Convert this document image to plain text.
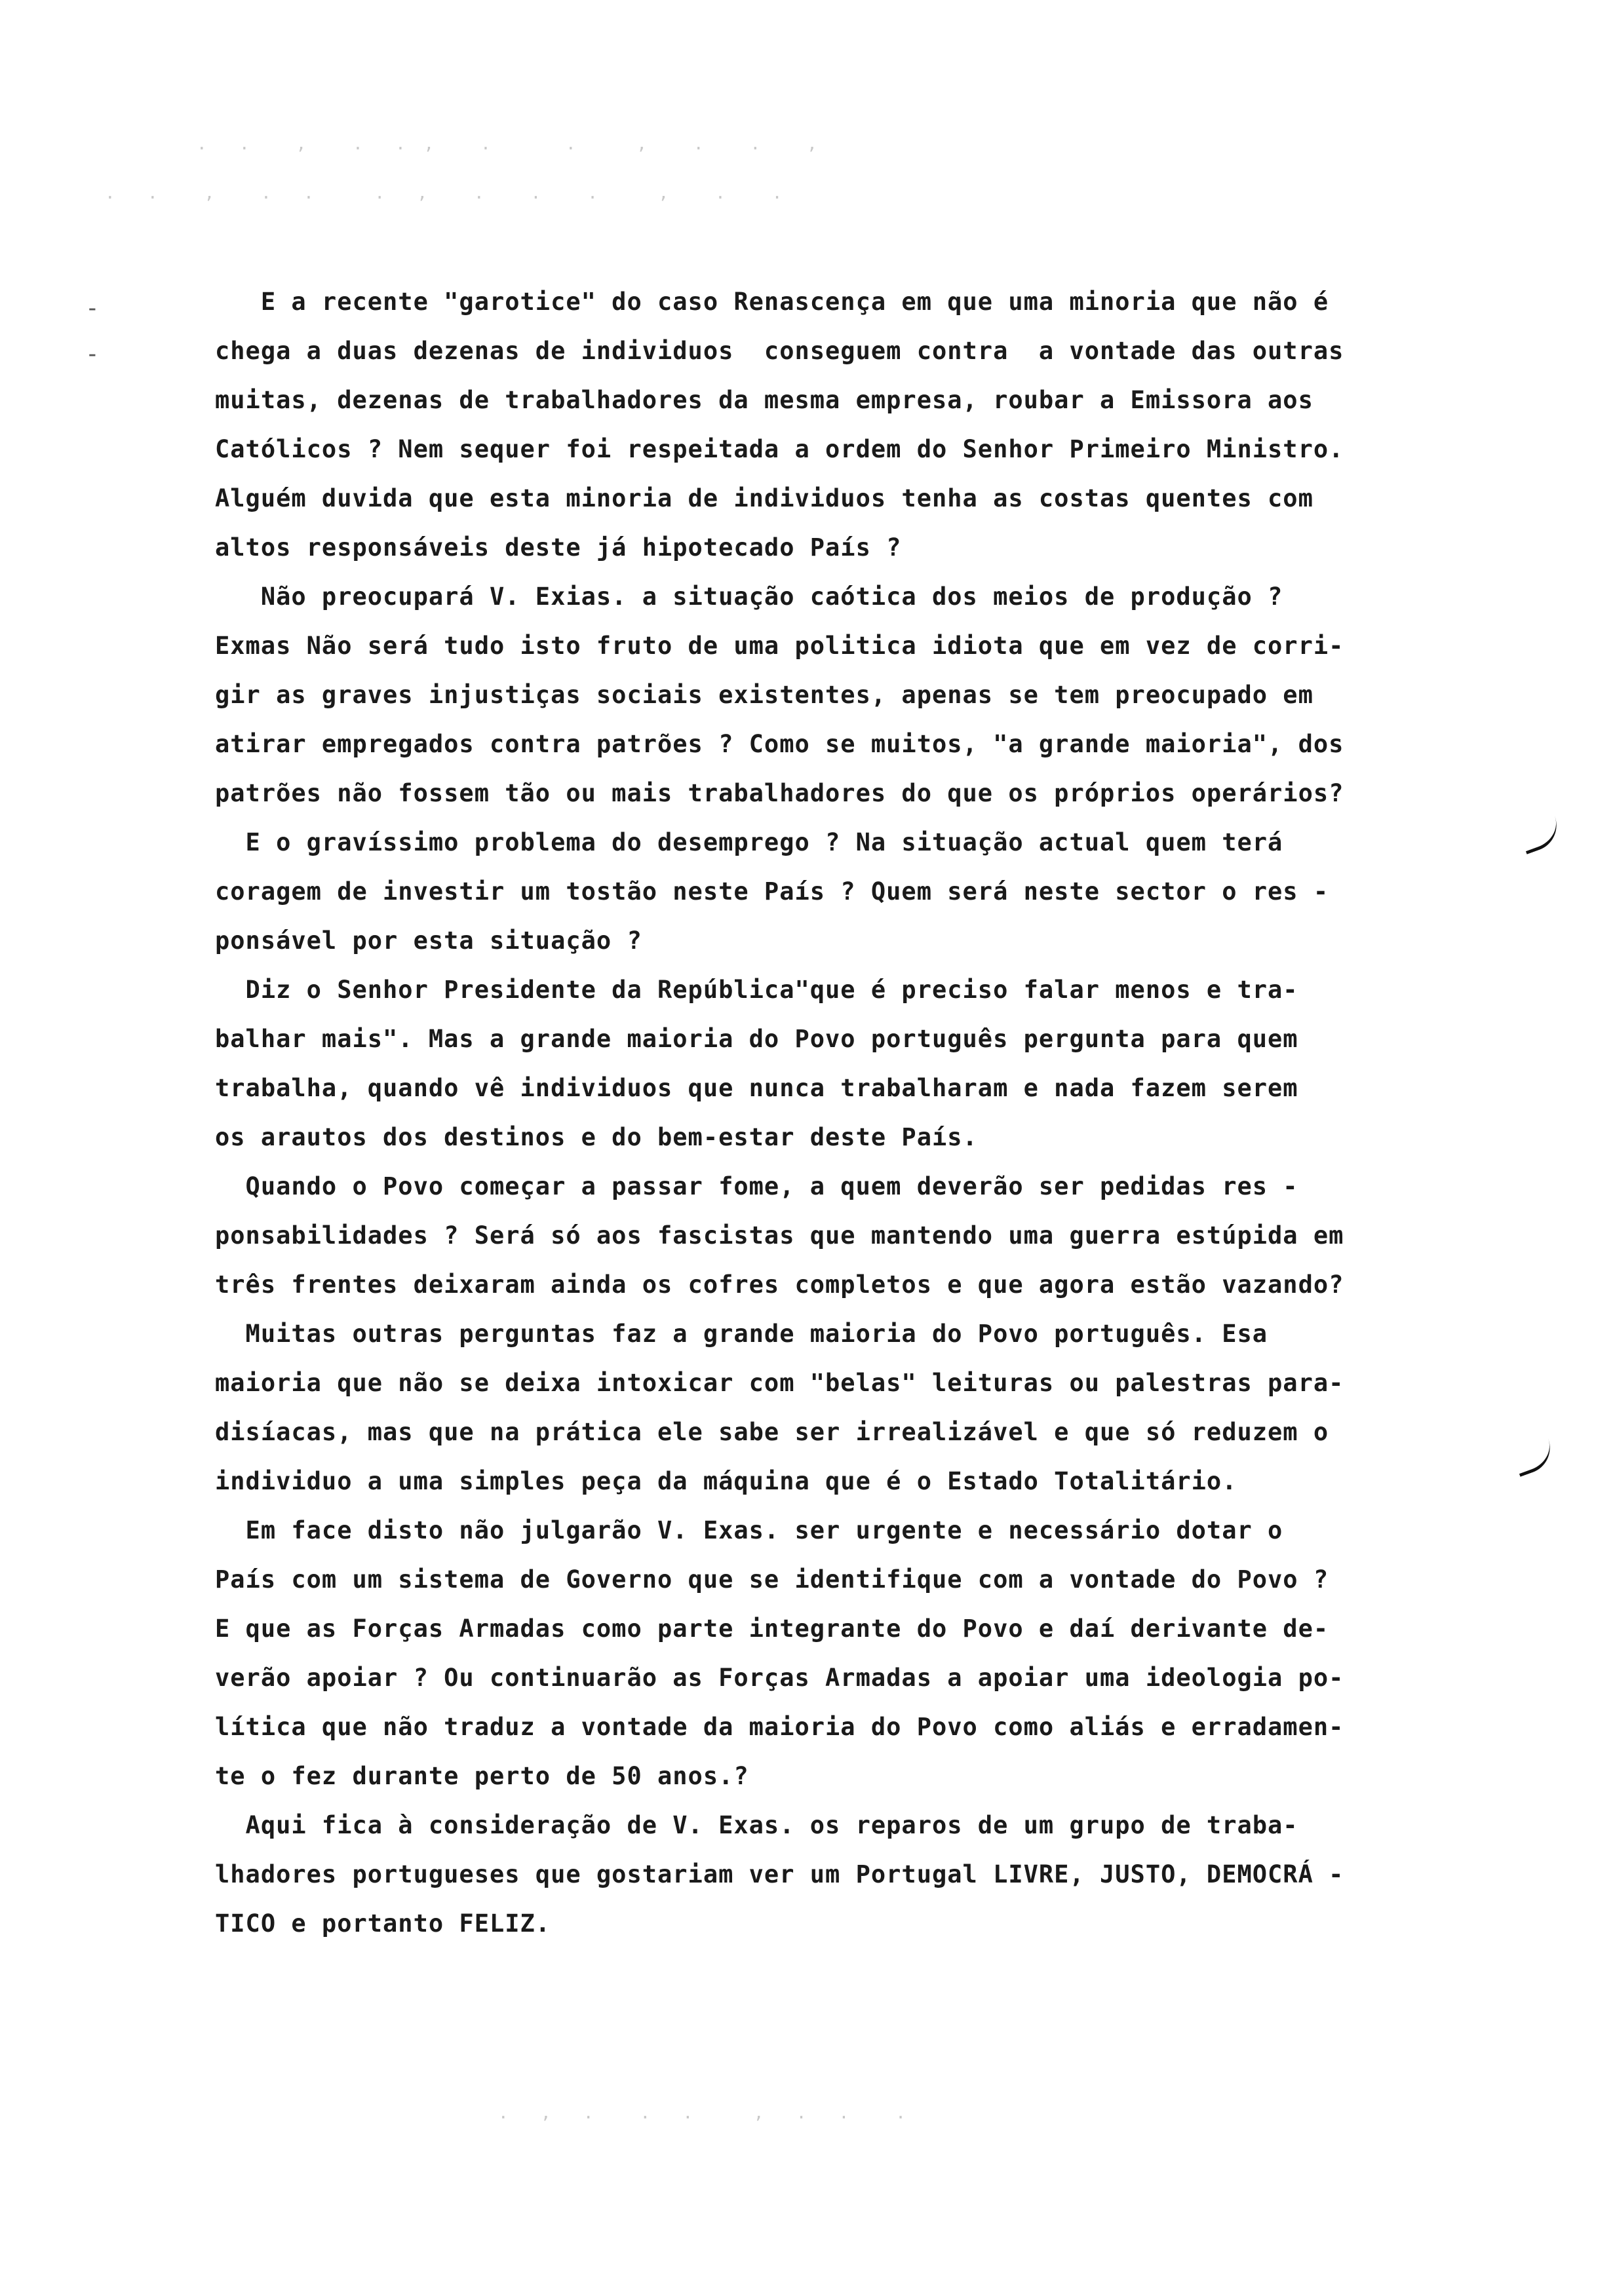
.  .   ,   .  . ,   .     .    ,   .   .   ,
.  .   ,   .  .    .  ,   .   .   .    ,   .   .
-
-
E a recente "garotice" do caso Renascença em que uma minoria que não é
chega a duas dezenas de individuos  conseguem contra  a vontade das outras
muitas, dezenas de trabalhadores da mesma empresa, roubar a Emissora aos
Católicos ? Nem sequer foi respeitada a ordem do Senhor Primeiro Ministro.
Alguém duvida que esta minoria de individuos tenha as costas quentes com
altos responsáveis deste já hipotecado País ?
Não preocupará V. Exias. a situação caótica dos meios de produção ?
Exmas Não será tudo isto fruto de uma politica idiota que em vez de corri-
gir as graves injustiças sociais existentes, apenas se tem preocupado em
atirar empregados contra patrões ? Como se muitos, "a grande maioria", dos
patrões não fossem tão ou mais trabalhadores do que os próprios operários?
E o gravíssimo problema do desemprego ? Na situação actual quem terá
coragem de investir um tostão neste País ? Quem será neste sector o res -
ponsável por esta situação ?
Diz o Senhor Presidente da República"que é preciso falar menos e tra-
balhar mais". Mas a grande maioria do Povo português pergunta para quem
trabalha, quando vê individuos que nunca trabalharam e nada fazem serem
os arautos dos destinos e do bem-estar deste País.
Quando o Povo começar a passar fome, a quem deverão ser pedidas res -
ponsabilidades ? Será só aos fascistas que mantendo uma guerra estúpida em
três frentes deixaram ainda os cofres completos e que agora estão vazando?
Muitas outras perguntas faz a grande maioria do Povo português. Esa
maioria que não se deixa intoxicar com "belas" leituras ou palestras para-
disíacas, mas que na prática ele sabe ser irrealizável e que só reduzem o
individuo a uma simples peça da máquina que é o Estado Totalitário.
Em face disto não julgarão V. Exas. ser urgente e necessário dotar o
País com um sistema de Governo que se identifique com a vontade do Povo ?
E que as Forças Armadas como parte integrante do Povo e daí derivante de-
verão apoiar ? Ou continuarão as Forças Armadas a apoiar uma ideologia po-
lítica que não traduz a vontade da maioria do Povo como aliás e erradamen-
te o fez durante perto de 50 anos.?
Aqui fica à consideração de V. Exas. os reparos de um grupo de traba-
lhadores portugueses que gostariam ver um Portugal LIVRE, JUSTO, DEMOCRÁ -
TICO e portanto FELIZ.
.  ,  .   .  .    ,  .  .   .
